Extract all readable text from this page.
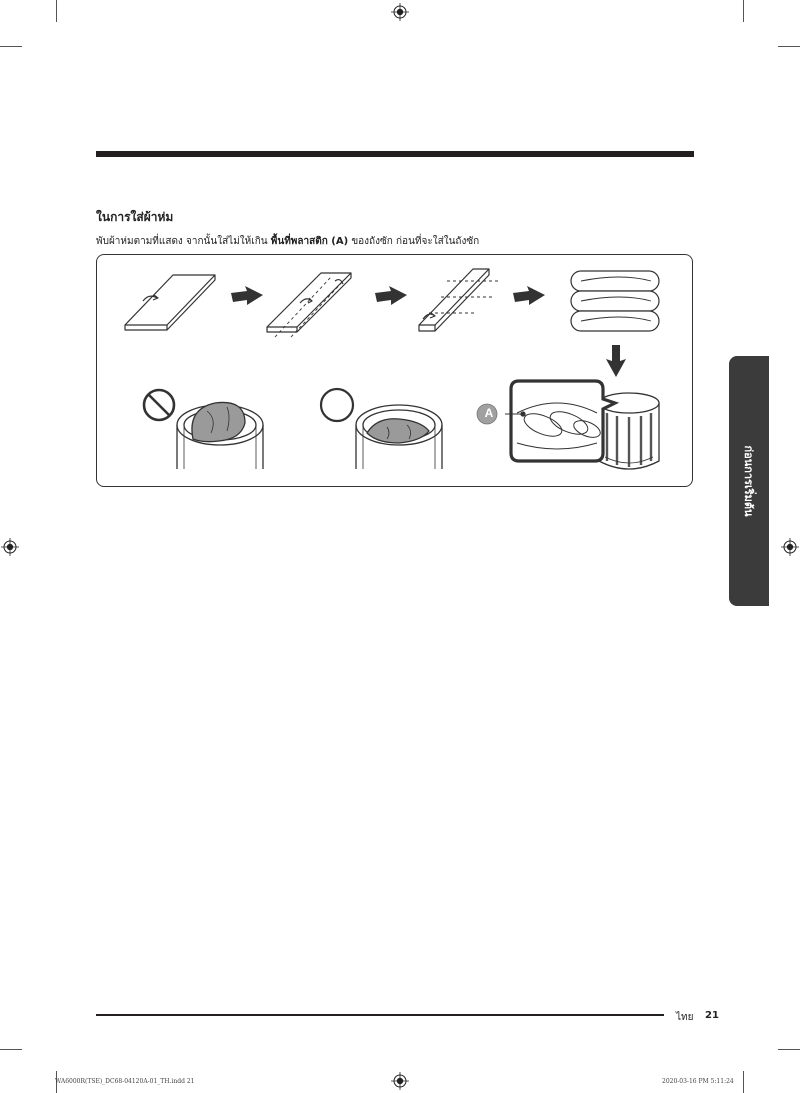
ในการใส่ผ้าห่ม
พับผ้าห่มตามที่แสดง จากนั้นใส่ไม่ให้เกิน พื้นที่พลาสติก (A) ของถังซัก ก่อนที่จะใส่ในถังซัก
A
ก่อนการเริ่มต้น
ไทย 21
WA6000R(TSE)_DC68-04120A-01_TH.indd 21	2020-03-16 PM 5:11:24
